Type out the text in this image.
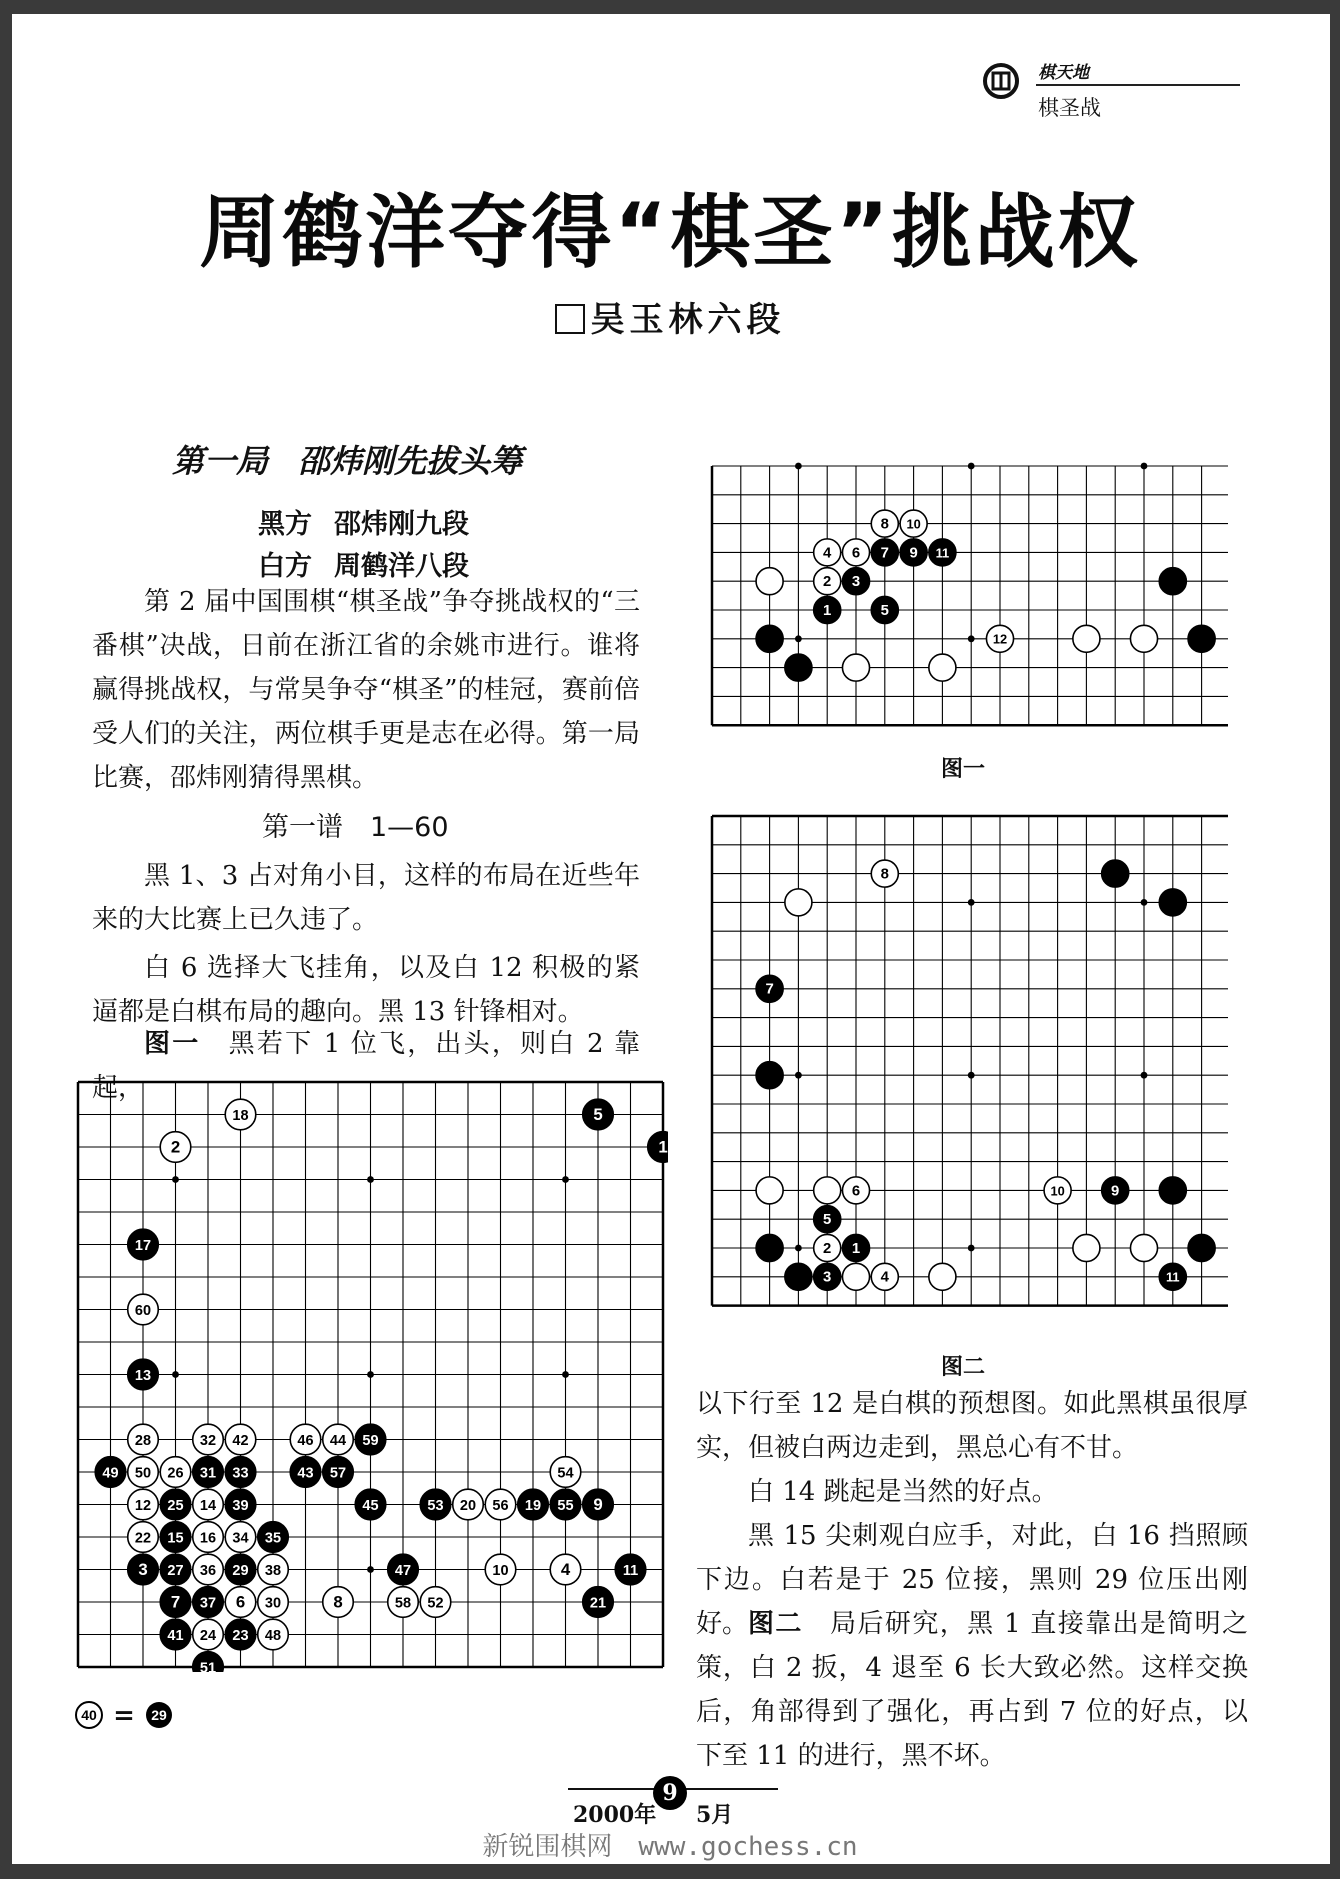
棋天地
棋圣战
周鹤洋夺得“棋圣”挑战权
吴玉林六段
第一局 邵炜刚先拔头筹
黑方 邵炜刚九段
白方 周鹤洋八段

第 2 届中国围棋“棋圣战”争夺挑战权的“三番棋”决战，日前在浙江省的余姚市进行。谁将赢得挑战权，与常昊争夺“棋圣”的桂冠，赛前倍受人们的关注，两位棋手更是志在必得。第一局比赛，邵炜刚猜得黑棋。

第一谱　1—60

黑 1、3 占对角小目，这样的布局在近些年来的大比赛上已久违了。

白 6 选择大飞挂角，以及白 12 积极的紧逼都是白棋布局的趣向。黑 13 针锋相对。

图一　黑若下 1 位飞，出头，则白 2 靠起，

5
1
18
2
17
60
13
28	32 42	46 44 59
49 50 26 31 33	43 57	54
12 25 14 39	45	53 20 56 19 55 9
22 15 16 34 35
3 27 36 29 38	47	10	4	11
7 37 6 30	8	58 52	21
41 24 23 48
51
40 = 29
8 10
4 6 7 9 11
2 3
1	5
12
图一
8
7
6	10	9
5
2 1
3	4	11
图二

以下行至 12 是白棋的预想图。如此黑棋虽很厚实，但被白两边走到，黑总心有不甘。

白 14 跳起是当然的好点。

黑 15 尖刺观白应手，对此，白 16 挡照顾下边。白若是于 25 位接，黑则 29 位压出刚好。 图二　局后研究，黑 1 直接靠出是简明之策，白 2 扳，4 退至 6 长大致必然。这样交换后，角部得到了强化，再占到 7 位的好点，以下至 11 的进行，黑不坏。

2000年
9
5月
新锐围棋网　www.gochess.cn
